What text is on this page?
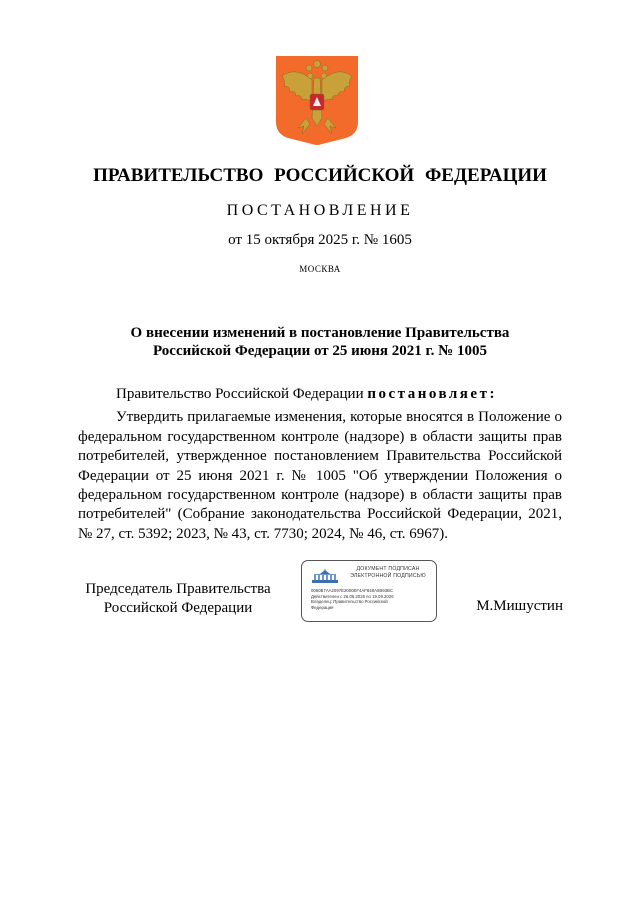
ПРАВИТЕЛЬСТВО РОССИЙСКОЙ ФЕДЕРАЦИИ
ПОСТАНОВЛЕНИЕ
от 15 октября 2025 г. № 1605
МОСКВА
О внесении изменений в постановление Правительства
Российской Федерации от 25 июня 2021 г. № 1005

Правительство Российской Федерации постановляет:

Утвердить прилагаемые изменения, которые вносятся в Положение о федеральном государственном контроле (надзоре) в области защиты прав потребителей, утвержденное постановлением Правительства Российской Федерации от 25 июня 2021 г. № 1005 "Об утверждении Положения о федеральном государственном контроле (надзоре) в области защиты прав потребителей" (Собрание законодательства Российской Федерации, 2021, № 27, ст. 5392; 2023, № 43, ст. 7730; 2024, № 46, ст. 6967).

Председатель Правительства
Российской Федерации
ДОКУМЕНТ ПОДПИСАН
ЭЛЕКТРОННОЙ ПОДПИСЬЮ
0060B7AA2097E2000EF4AF848A0B93BC
Действителен с 26.06.2025 по 19.09.2026
Владелец: Правительство Российской
Федерация	М.Мишустин
